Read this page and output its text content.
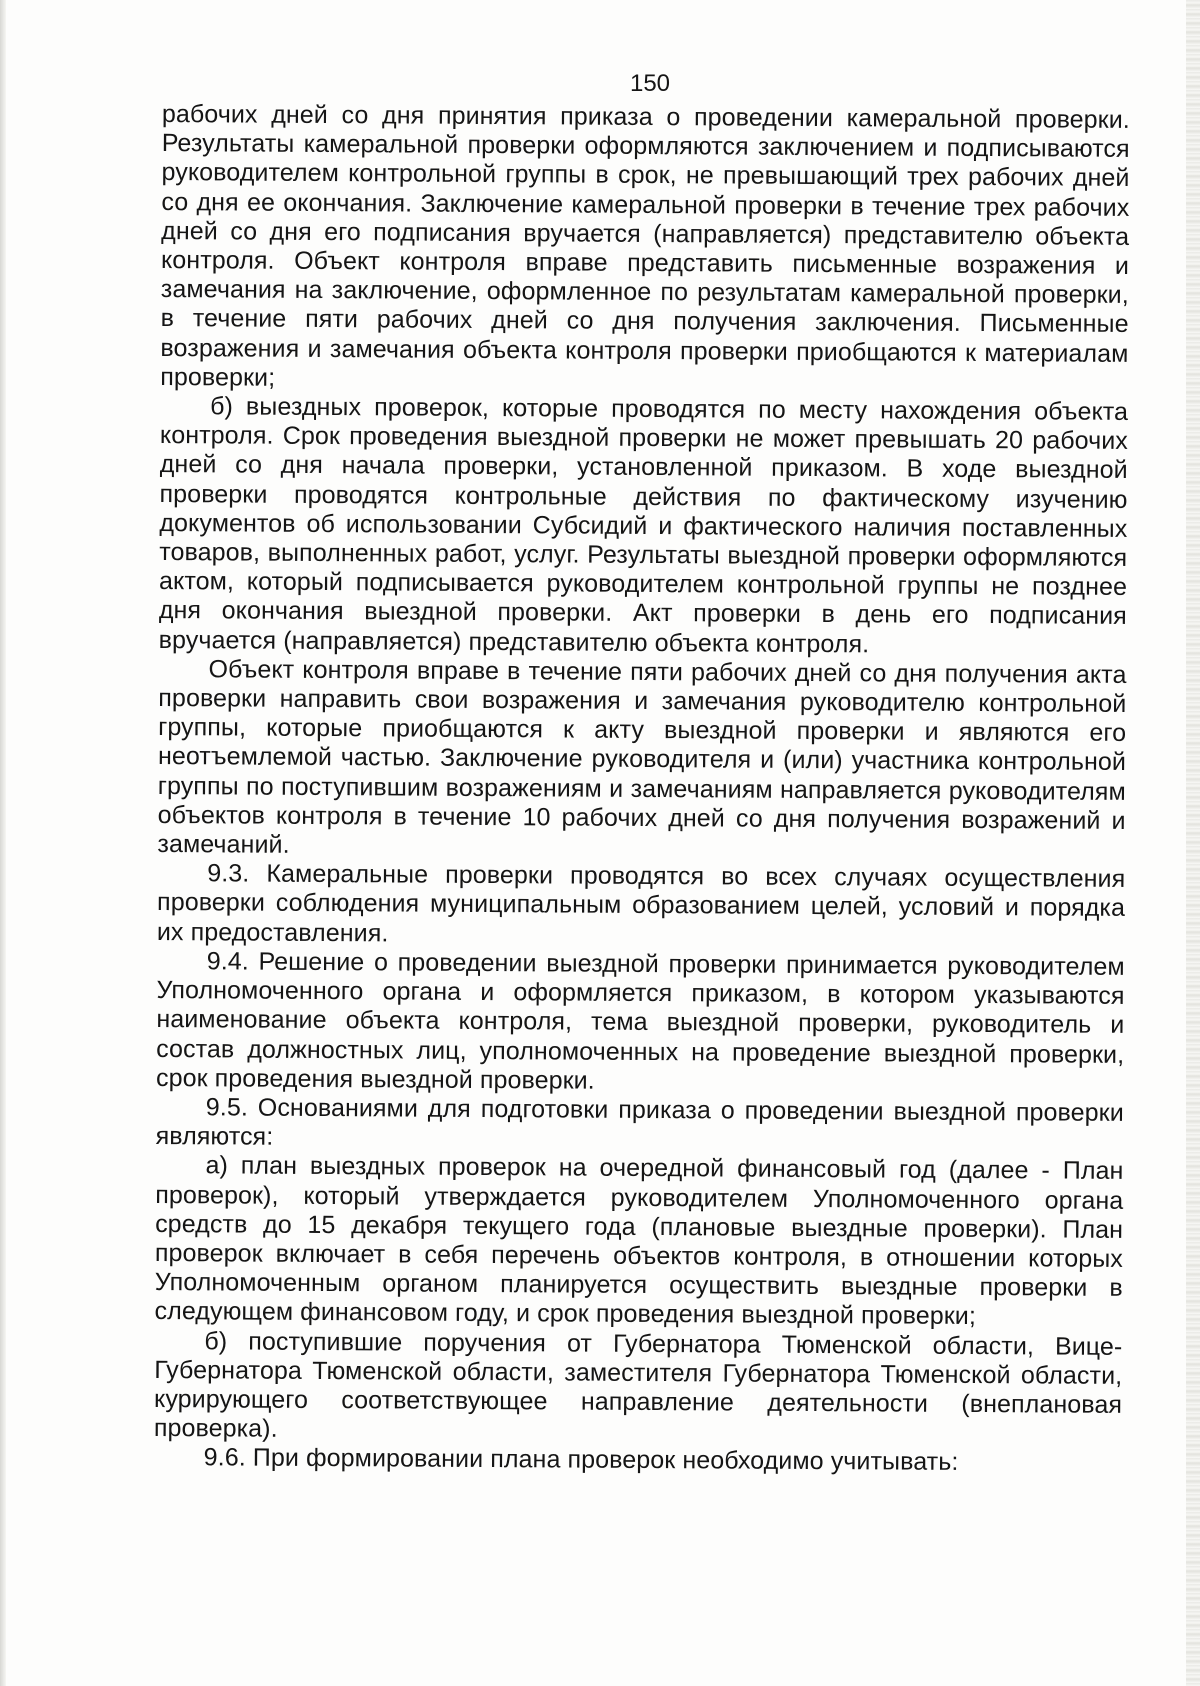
150

рабочих дней со дня принятия приказа о проведении камеральной проверки. Результаты камеральной проверки оформляются заключением и подписываются руководителем контрольной группы в срок, не превышающий трех рабочих дней со дня ее окончания. Заключение камеральной проверки в течение трех рабочих дней со дня его подписания вручается (направляется) представителю объекта контроля. Объект контроля вправе представить письменные возражения и замечания на заключение, оформленное по результатам камеральной проверки, в течение пяти рабочих дней со дня получения заключения. Письменные возражения и замечания объекта контроля проверки приобщаются к материалам проверки;

б) выездных проверок, которые проводятся по месту нахождения объекта контроля. Срок проведения выездной проверки не может превышать 20 рабочих дней со дня начала проверки, установленной приказом. В ходе выездной проверки проводятся контрольные действия по фактическому изучению документов об использовании Субсидий и фактического наличия поставленных товаров, выполненных работ, услуг. Результаты выездной проверки оформляются актом, который подписывается руководителем контрольной группы не позднее дня окончания выездной проверки. Акт проверки в день его подписания вручается (направляется) представителю объекта контроля.

Объект контроля вправе в течение пяти рабочих дней со дня получения акта проверки направить свои возражения и замечания руководителю контрольной группы, которые приобщаются к акту выездной проверки и являются его неотъемлемой частью. Заключение руководителя и (или) участника контрольной группы по поступившим возражениям и замечаниям направляется руководителям объектов контроля в течение 10 рабочих дней со дня получения возражений и замечаний.

9.3. Камеральные проверки проводятся во всех случаях осуществления проверки соблюдения муниципальным образованием целей, условий и порядка их предоставления.

9.4. Решение о проведении выездной проверки принимается руководителем Уполномоченного органа и оформляется приказом, в котором указываются наименование объекта контроля, тема выездной проверки, руководитель и состав должностных лиц, уполномоченных на проведение выездной проверки, срок проведения выездной проверки.

9.5. Основаниями для подготовки приказа о проведении выездной проверки являются:

а) план выездных проверок на очередной финансовый год (далее - План проверок), который утверждается руководителем Уполномоченного органа средств до 15 декабря текущего года (плановые выездные проверки). План проверок включает в себя перечень объектов контроля, в отношении которых Уполномоченным органом планируется осуществить выездные проверки в следующем финансовом году, и срок проведения выездной проверки;

б) поступившие поручения от Губернатора Тюменской области, Вице-Губернатора Тюменской области, заместителя Губернатора Тюменской области, курирующего соответствующее направление деятельности (внеплановая проверка).

9.6. При формировании плана проверок необходимо учитывать:
